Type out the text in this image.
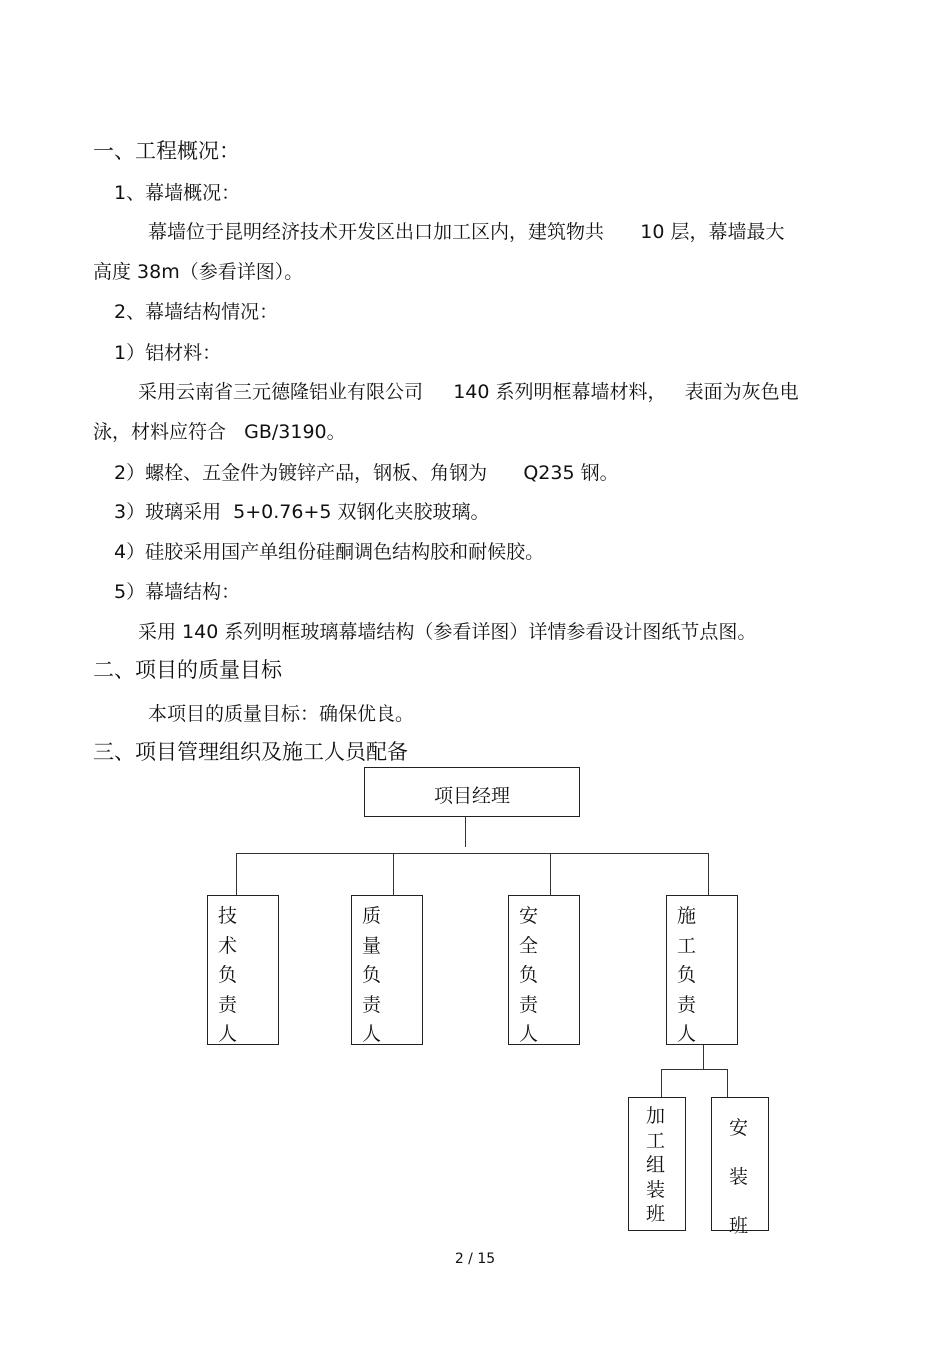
一、工程概况：
1、幕墙概况：
幕墙位于昆明经济技术开发区出口加工区内，建筑物共      10 层，幕墙最大
高度 38m（参看详图）。
2、幕墙结构情况：
1）铝材料：
采用云南省三元德隆铝业有限公司     140 系列明框幕墙材料，   表面为灰色电
泳，材料应符合   GB/3190。
2）螺栓、五金件为镀锌产品，钢板、角钢为      Q235 钢。
3）玻璃采用  5+0.76+5 双钢化夹胶玻璃。
4）硅胶采用国产单组份硅酮调色结构胶和耐候胶。
5）幕墙结构：
采用 140 系列明框玻璃幕墙结构（参看详图）详情参看设计图纸节点图。
二、项目的质量目标
本项目的质量目标：确保优良。
三、项目管理组织及施工人员配备
项目经理
技
术
负
责
人
质
量
负
责
人
安
全
负
责
人
施
工
负
责
人
加
工
组
装
班
安
装
班
2 / 15
